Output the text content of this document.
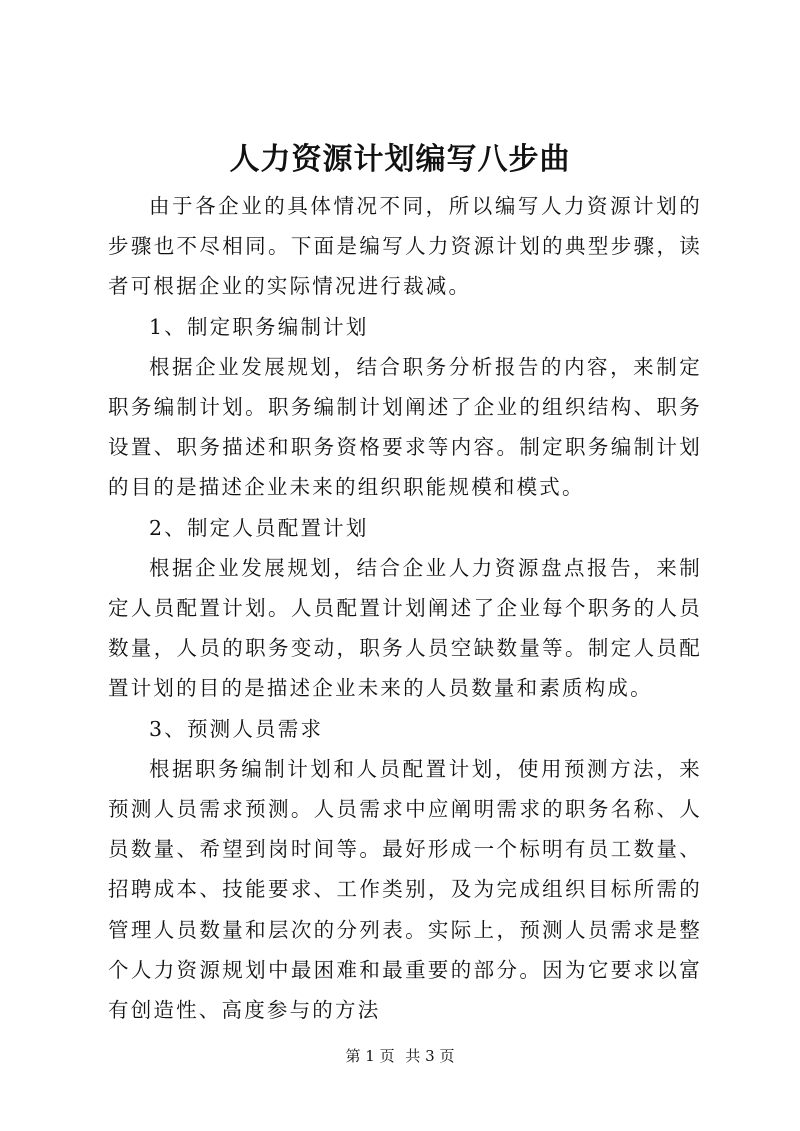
人力资源计划编写八步曲

由于各企业的具体情况不同，所以编写人力资源计划的步骤也不尽相同。下面是编写人力资源计划的典型步骤，读者可根据企业的实际情况进行裁减。

1、制定职务编制计划

根据企业发展规划，结合职务分析报告的内容，来制定职务编制计划。职务编制计划阐述了企业的组织结构、职务设置、职务描述和职务资格要求等内容。制定职务编制计划的目的是描述企业未来的组织职能规模和模式。

2、制定人员配置计划

根据企业发展规划，结合企业人力资源盘点报告，来制定人员配置计划。人员配置计划阐述了企业每个职务的人员数量，人员的职务变动，职务人员空缺数量等。制定人员配置计划的目的是描述企业未来的人员数量和素质构成。

3、预测人员需求

根据职务编制计划和人员配置计划，使用预测方法，来预测人员需求预测。人员需求中应阐明需求的职务名称、人员数量、希望到岗时间等。最好形成一个标明有员工数量、招聘成本、技能要求、工作类别，及为完成组织目标所需的管理人员数量和层次的分列表。实际上，预测人员需求是整个人力资源规划中最困难和最重要的部分。因为它要求以富有创造性、高度参与的方法

第 1 页 共 3 页
